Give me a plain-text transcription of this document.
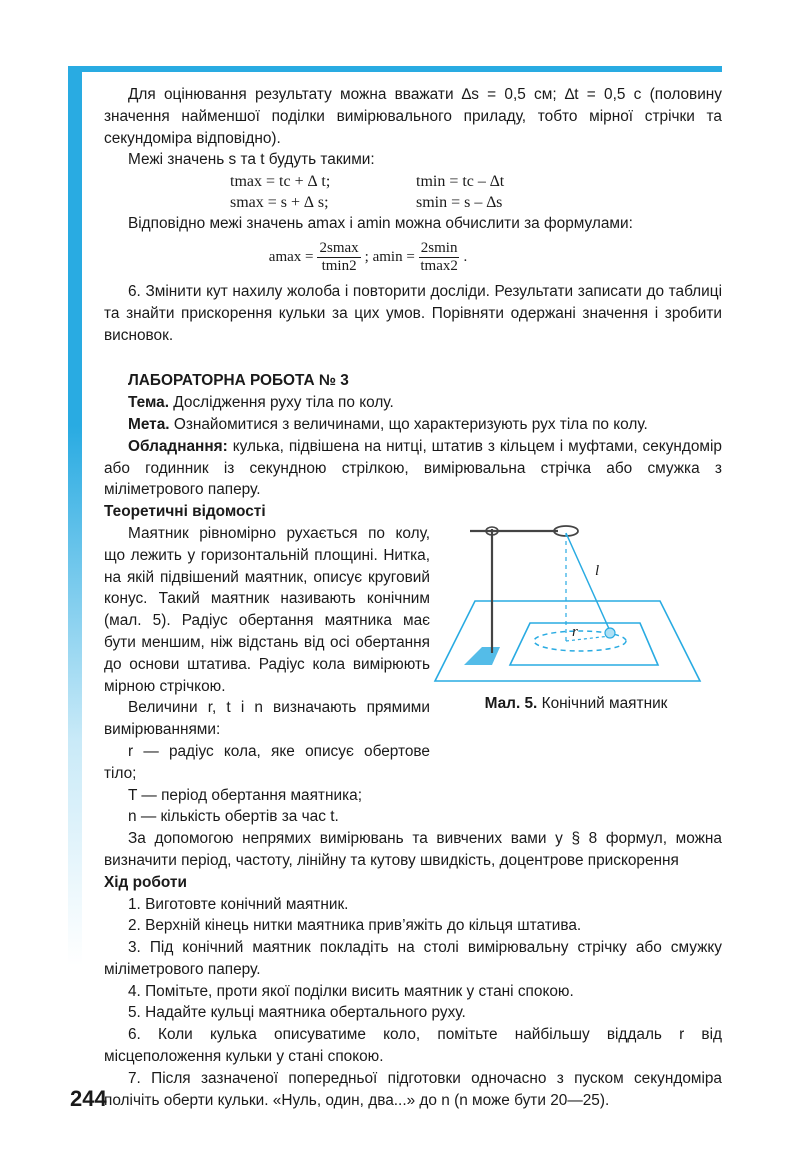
Для оцінювання результату можна вважати ∆s = 0,5 см; ∆t = 0,5 с (половину значення найменшої поділки вимірювального приладу, тобто мірної стрічки та секундоміра відповідно).

Межі значень s та t будуть такими:

tmax = tc + ∆ t;	tmin = tc – ∆t
smax = s + ∆ s;	smin = s – ∆s

Відповідно межі значень amax і amin можна обчислити за формулами:

$amax = \frac{2smax}{tmin2}$ ;
$amin = \frac{2smin}{tmax2}$ .

6. Змінити кут нахилу жолоба і повторити досліди. Результати записати до таблиці та знайти прискорення кульки за цих умов. Порівняти одержані значення і зробити висновок.

ЛАБОРАТОРНА РОБОТА № 3

Тема. Дослідження руху тіла по колу.

Мета. Ознайомитися з величинами, що характеризують рух тіла по колу.

Обладнання: кулька, підвішена на нитці, штатив з кільцем і муфтами, секундомір або годинник із секундною стрілкою, вимірювальна стрічка або смужка з міліметрового паперу.

Теоретичні відомості

Маятник рівномірно рухається по колу, що лежить у горизонтальній площині. Нитка, на якій підвішений маятник, описує круговий конус. Такий маятник називають конічним (мал. 5). Радіус обертання маятника має бути меншим, ніж відстань від осі обертання до основи штатива. Радіус кола вимірюють мірною стрічкою.

Величини r, t і n визначають прямими вимірюваннями:

r — радіус кола, яке описує обертове тіло;

T — період обертання маятника;

n — кількість обертів за час t.

l
r
Мал. 5. Конічний маятник

За допомогою непрямих вимірювань та вивчених вами у § 8 формул, можна визначити період, частоту, лінійну та кутову швидкість, доцентрове прискорення

Хід роботи

1. Виготовте конічний маятник.

2. Верхній кінець нитки маятника прив’яжіть до кільця штатива.

3. Під конічний маятник покладіть на столі вимірювальну стрічку або смужку міліметрового паперу.

4. Помітьте, проти якої поділки висить маятник у стані спокою.

5. Надайте кульці маятника обертального руху.

6. Коли кулька описуватиме коло, помітьте найбільшу віддаль r від місцеположення кульки у стані спокою.

7. Після зазначеної попередньої підготовки одночасно з пуском секундоміра полічіть оберти кульки. «Нуль, один, два...» до n (n може бути 20—25).

244
